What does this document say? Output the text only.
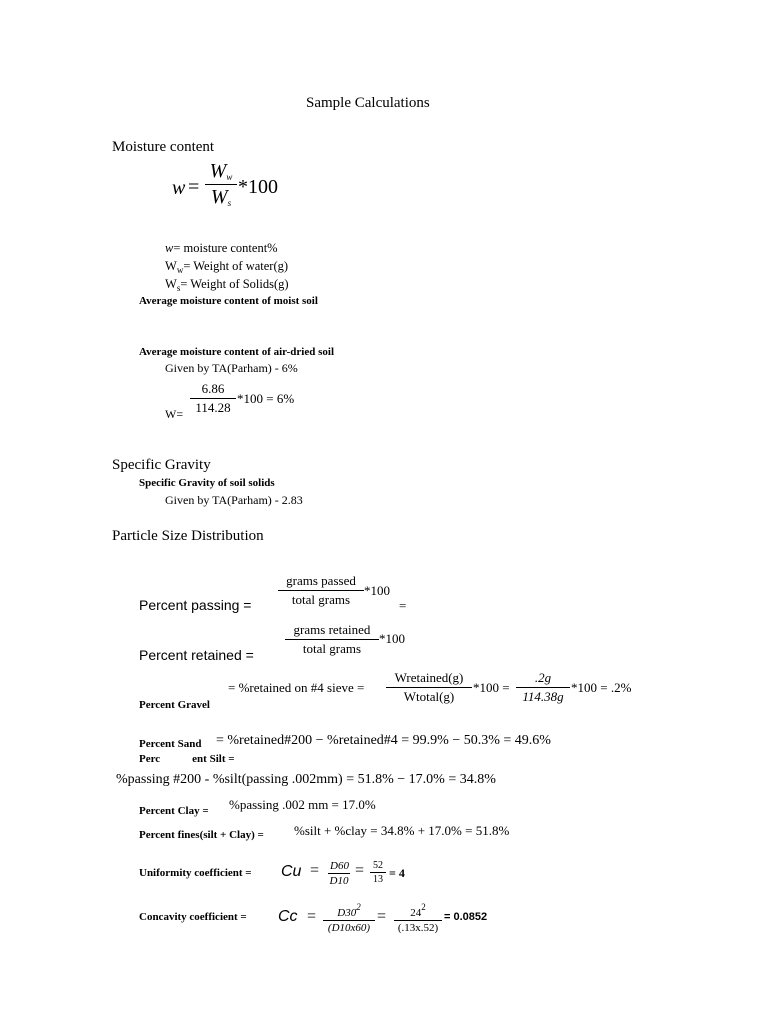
Sample Calculations
Moisture content
$w = \frac{W_w}{W_s} *100$
w= moisture content%
$W_w=$ Weight of water(g)
$W_s=$ Weight of Solids(g)
Average moisture content of moist soil
Average moisture content of air-dried soil
Given by TA(Parham) - 6%
$W= \frac{6.86}{114.28} *100 = 6\%$
Specific Gravity
Specific Gravity of soil solids
Given by TA(Parham) - 2.83
Particle Size Distribution
grams passed
total grams
*100
Percent passing =	=
grams retained
total grams
*100
Percent retained =
= %retained on #4 sieve =
Wretained(g)
Wtotal(g)
$*100 = \frac{.2g}{114.38g} *100 = .2\%$
Percent Gravel
Percent Sand = %retained#200 − %retained#4 = 99.9% − 50.3% = 49.6%
Perc	ent Silt =
%passing #200 - %silt(passing .002mm) = 51.8% − 17.0% = 34.8%
Percent Clay = %passing .002 mm = 17.0%
Percent fines(silt + Clay) = %silt + %clay = 34.8% + 17.0% = 51.8%
Uniformity coefficient = $Cu = \frac{D60}{D10} = \frac{52}{13} = 4$
Concavity coefficient = $Cc = \frac{D30^2}{(D10x60)} = \frac{24^2}{(.13x.52)} = 0.0852$
